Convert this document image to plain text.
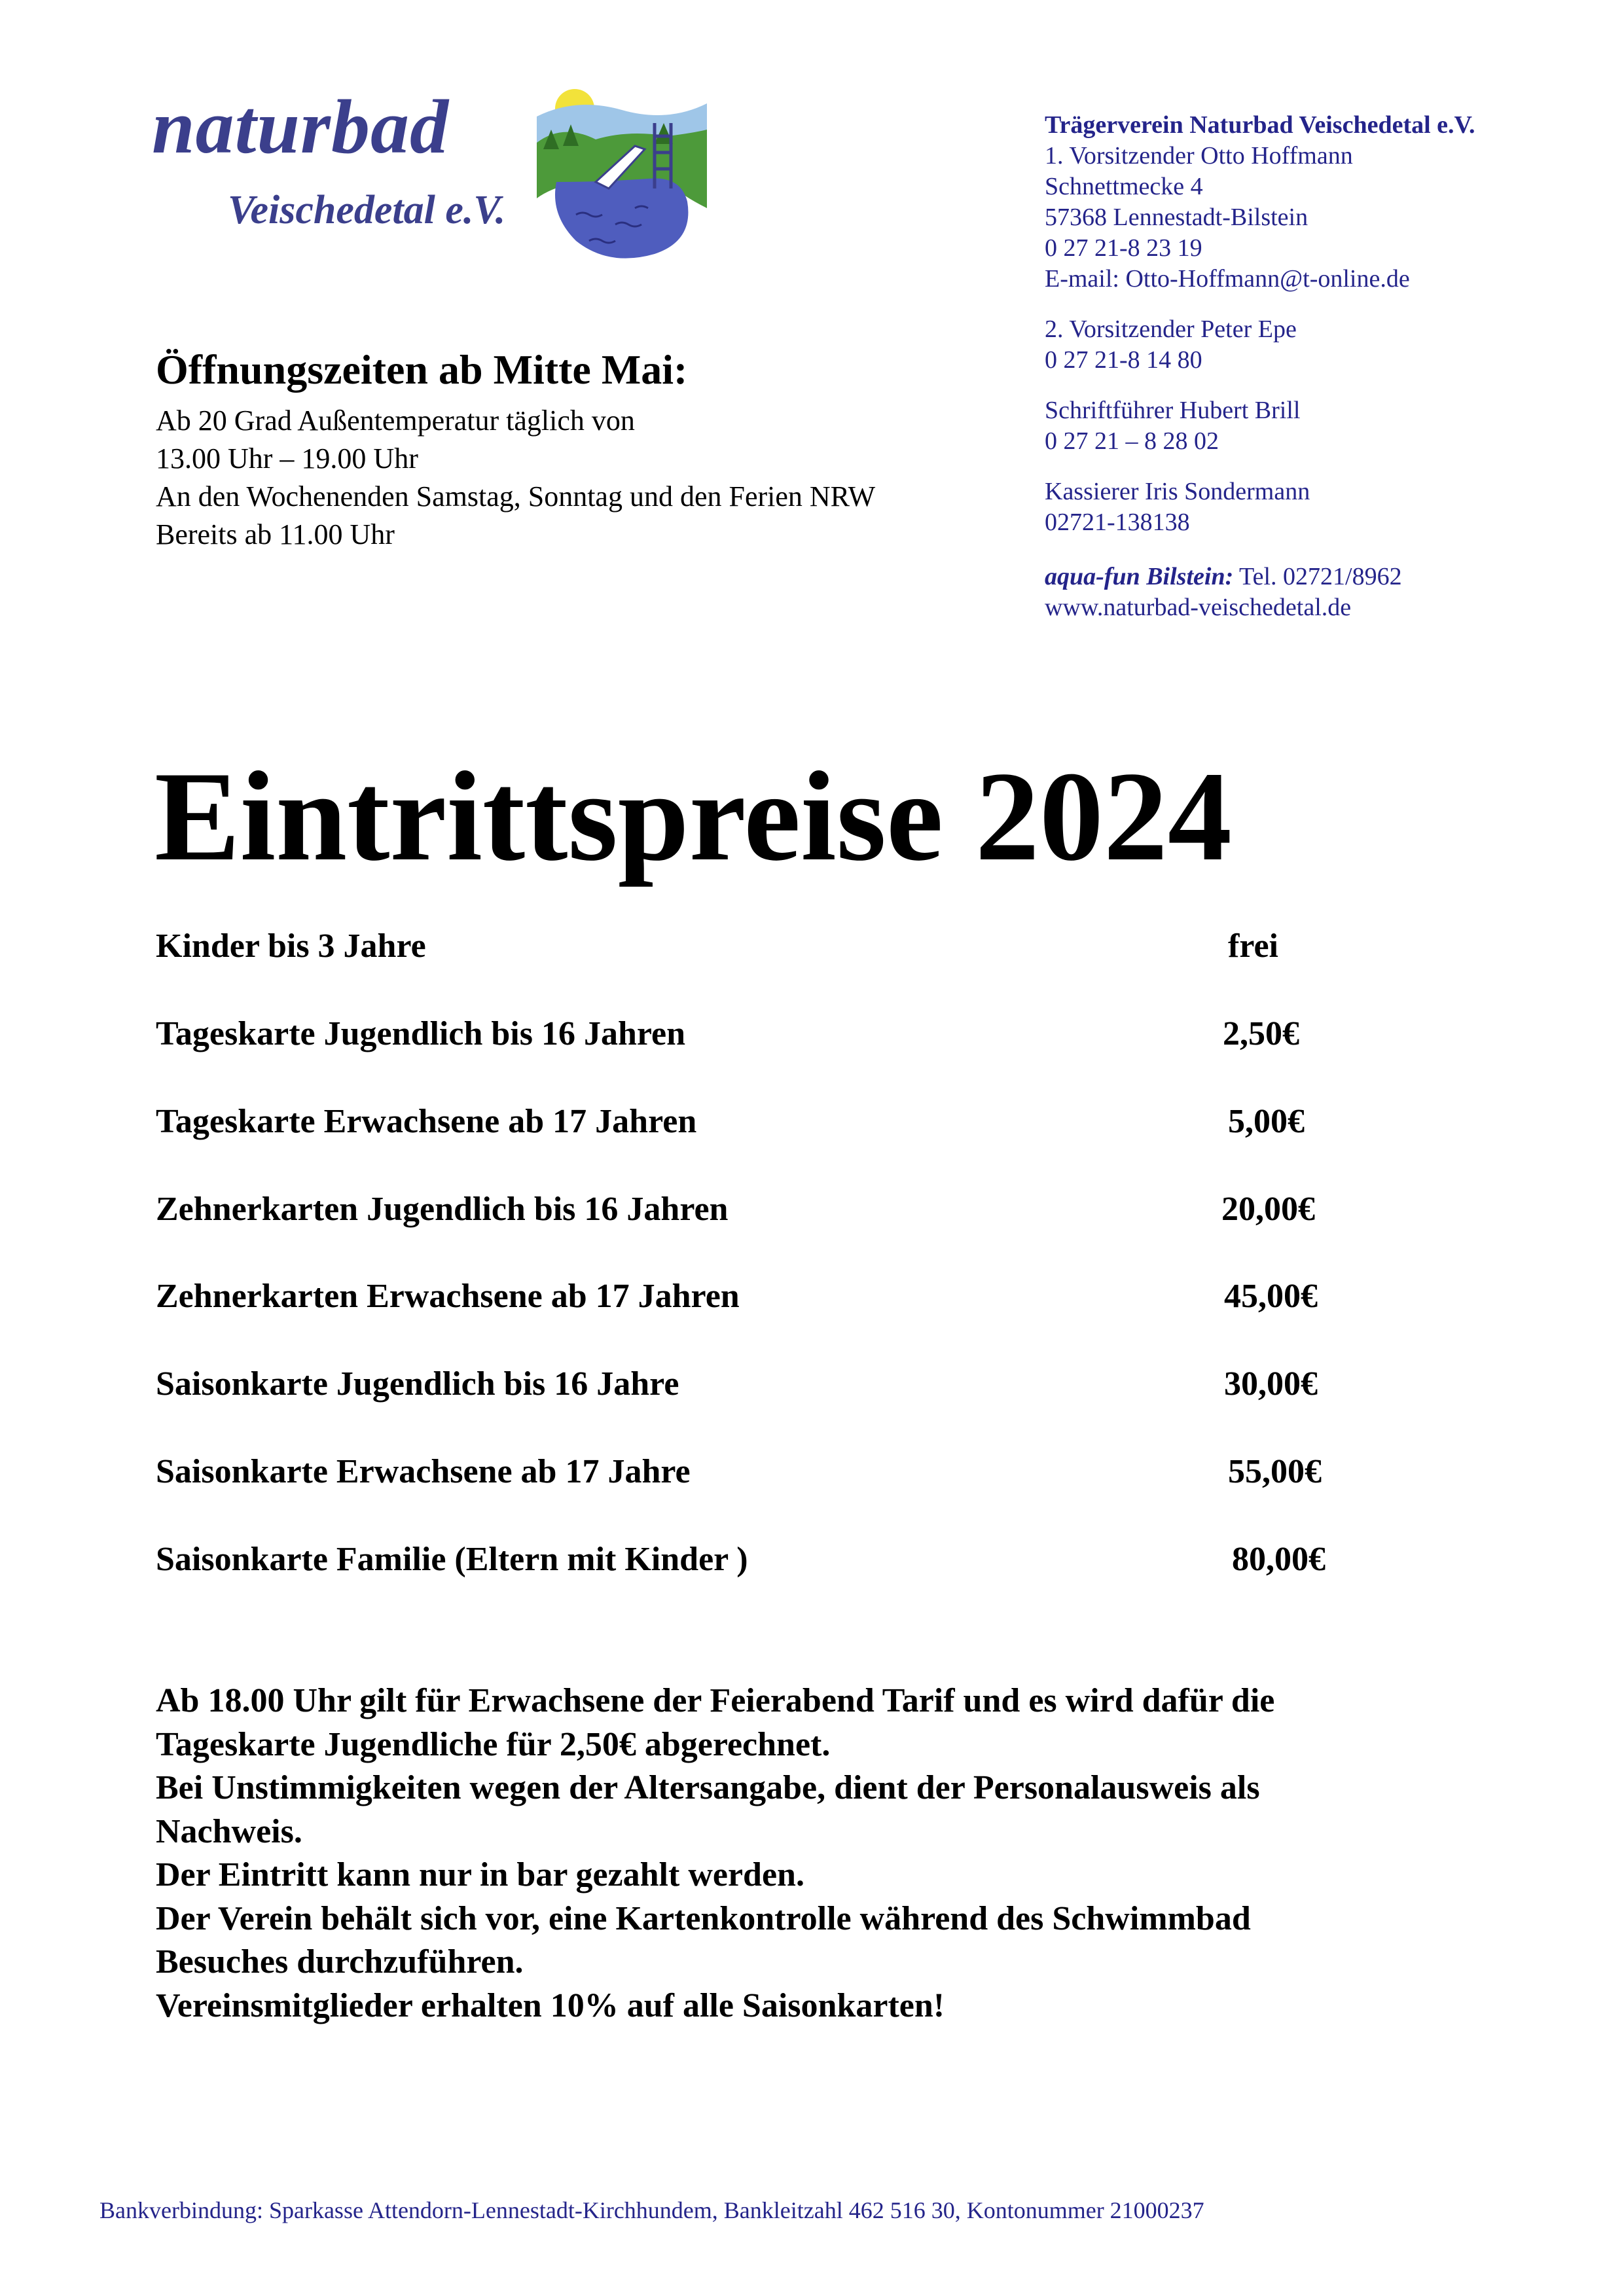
naturbad
Veischedetal e.V.
Trägerverein Naturbad Veischedetal e.V.
1. Vorsitzender Otto Hoffmann
Schnettmecke 4
57368 Lennestadt-Bilstein
0 27 21-8 23 19
E-mail: Otto-Hoffmann@t-online.de
2. Vorsitzender Peter Epe
0 27 21-8 14 80
Schriftführer Hubert Brill
0 27 21 – 8 28 02
Kassierer Iris Sondermann
02721-138138
aqua-fun Bilstein: Tel. 02721/8962
www.naturbad-veischedetal.de
Öffnungszeiten ab Mitte Mai:
Ab 20 Grad Außentemperatur täglich von
13.00 Uhr – 19.00 Uhr
An den Wochenenden Samstag, Sonntag und den Ferien NRW
Bereits ab 11.00 Uhr
Eintrittspreise 2024
Kinder bis 3 Jahre	frei
Tageskarte Jugendlich bis 16 Jahren	2,50€
Tageskarte Erwachsene ab 17 Jahren	5,00€
Zehnerkarten Jugendlich bis 16 Jahren	20,00€
Zehnerkarten Erwachsene ab 17 Jahren	45,00€
Saisonkarte Jugendlich bis 16 Jahre	30,00€
Saisonkarte Erwachsene ab 17 Jahre	55,00€
Saisonkarte Familie (Eltern mit Kinder )	80,00€
Ab 18.00 Uhr gilt für Erwachsene der Feierabend Tarif und es wird dafür die
Tageskarte Jugendliche für 2,50€ abgerechnet.
Bei Unstimmigkeiten wegen der Altersangabe, dient der Personalausweis als
Nachweis.
Der Eintritt kann nur in bar gezahlt werden.
Der Verein behält sich vor, eine Kartenkontrolle während des Schwimmbad
Besuches durchzuführen.
Vereinsmitglieder erhalten 10% auf alle Saisonkarten!
Bankverbindung: Sparkasse Attendorn-Lennestadt-Kirchhundem, Bankleitzahl 462 516 30, Kontonummer 21000237
